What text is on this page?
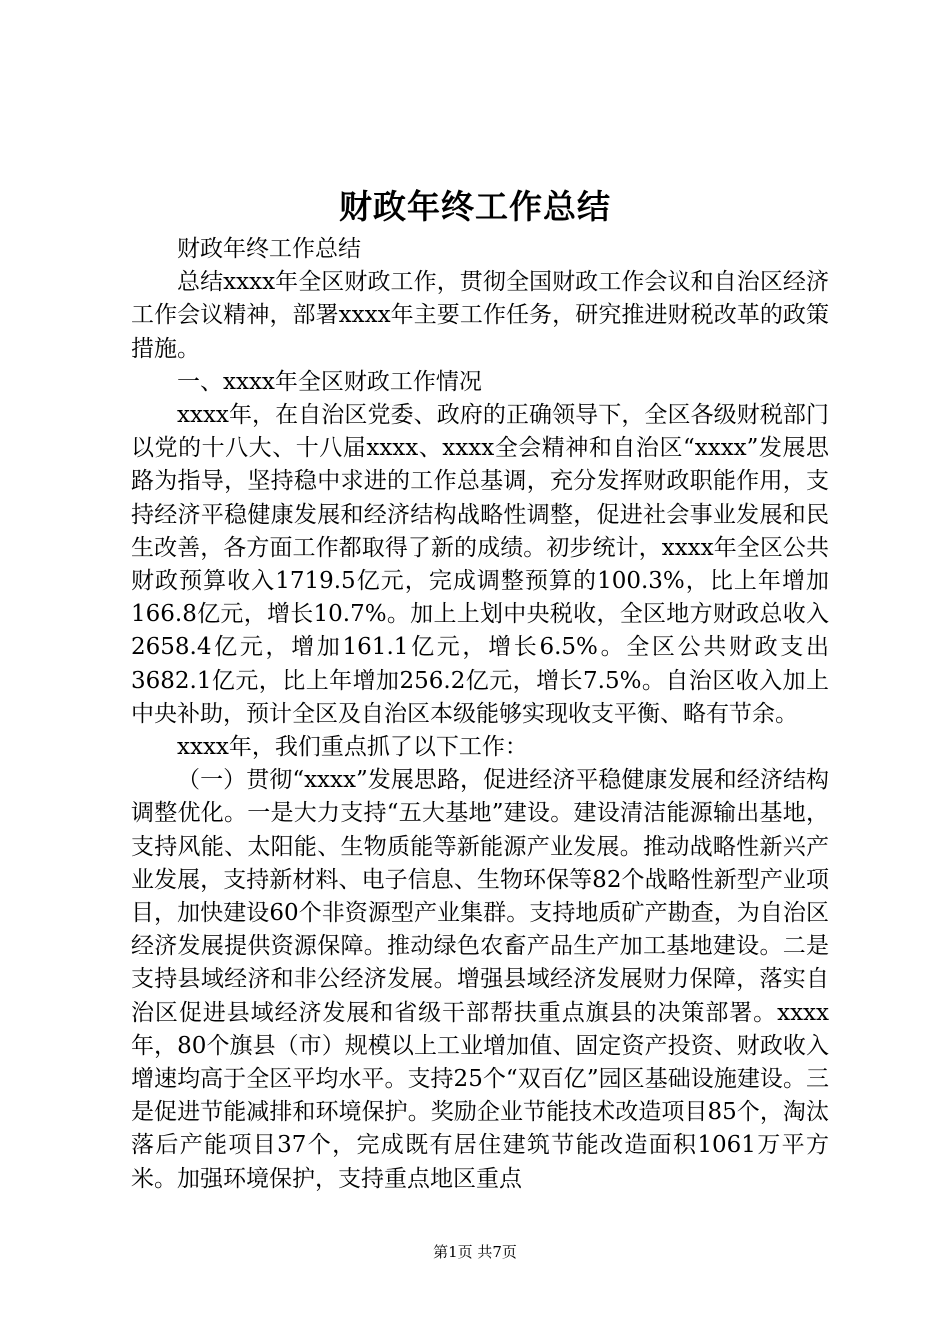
财政年终工作总结

财政年终工作总结

总结xxxx年全区财政工作，贯彻全国财政工作会议和自治区经济工作会议精神，部署xxxx年主要工作任务，研究推进财税改革的政策措施。

一、xxxx年全区财政工作情况

xxxx年，在自治区党委、政府的正确领导下，全区各级财税部门以党的十八大、十八届xxxx、xxxx全会精神和自治区“xxxx”发展思路为指导，坚持稳中求进的工作总基调，充分发挥财政职能作用，支持经济平稳健康发展和经济结构战略性调整，促进社会事业发展和民生改善，各方面工作都取得了新的成绩。初步统计，xxxx年全区公共财政预算收入1719.5亿元，完成调整预算的100.3%，比上年增加166.8亿元，增长10.7%。加上上划中央税收，全区地方财政总收入2658.4亿元，增加161.1亿元，增长6.5%。全区公共财政支出3682.1亿元，比上年增加256.2亿元，增长7.5%。自治区收入加上中央补助，预计全区及自治区本级能够实现收支平衡、略有节余。

xxxx年，我们重点抓了以下工作：

（一）贯彻“xxxx”发展思路，促进经济平稳健康发展和经济结构调整优化。一是大力支持“五大基地”建设。建设清洁能源输出基地，支持风能、太阳能、生物质能等新能源产业发展。推动战略性新兴产业发展，支持新材料、电子信息、生物环保等82个战略性新型产业项目，加快建设60个非资源型产业集群。支持地质矿产勘查，为自治区经济发展提供资源保障。推动绿色农畜产品生产加工基地建设。二是支持县域经济和非公经济发展。增强县域经济发展财力保障，落实自治区促进县域经济发展和省级干部帮扶重点旗县的决策部署。xxxx年，80个旗县（市）规模以上工业增加值、固定资产投资、财政收入增速均高于全区平均水平。支持25个“双百亿”园区基础设施建设。三是促进节能减排和环境保护。奖励企业节能技术改造项目85个，淘汰落后产能项目37个，完成既有居住建筑节能改造面积1061万平方米。加强环境保护，支持重点地区重点

第1页 共7页
